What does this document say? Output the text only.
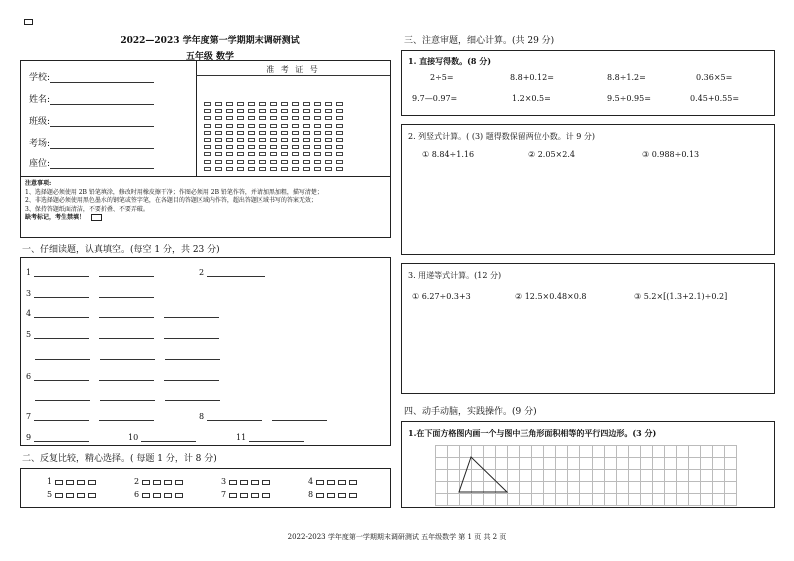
2022—2023 学年度第一学期期末调研测试
五年级 数学
学校:
姓名:
班级:
考场:
座位:
准 考 证 号
注意事项:
1、选择题必须使用 2B 铅笔填涂，修改时用橡皮擦干净；作图必须用 2B 铅笔作答，并请加黑加粗，描写清楚；
2、非选择题必须使用黑色墨水的钢笔或签字笔，在各题目的答题区域内作答，超出答题区域书写的答案无效；
3、保持答题纸面清洁，不要折叠、不要弄破。
缺考标记，考生禁填！
一、仔细读题，认真填空。(每空 1 分，共 23 分)
1	2
3
4
5

6

7	8
9	10	11
二、反复比较，精心选择。( 每题 1 分，计 8 分)
1	2	3	4
5	6	7	8
三、注意审题，细心计算。(共 29 分)
1. 直接写得数。(8 分)
2÷5=	8.8+0.12=	8.8÷1.2=	0.36×5=
9.7—0.97=	1.2×0.5=	9.5÷0.95=	0.45+0.55=
2. 列竖式计算。( (3) 题得数保留两位小数。计 9 分)
① 8.84÷1.16	② 2.05×2.4	③ 0.988÷0.13
3. 用递等式计算。(12 分)
① 6.27÷0.3+3	② 12.5×0.48×0.8	③ 5.2×[(1.3+2.1)÷0.2]
四、动手动脑，实践操作。(9 分)
1.在下面方格图内画一个与图中三角形面积相等的平行四边形。(3 分)
2022-2023 学年度第一学期期末调研测试 五年级数学 第 1 页 共 2 页
